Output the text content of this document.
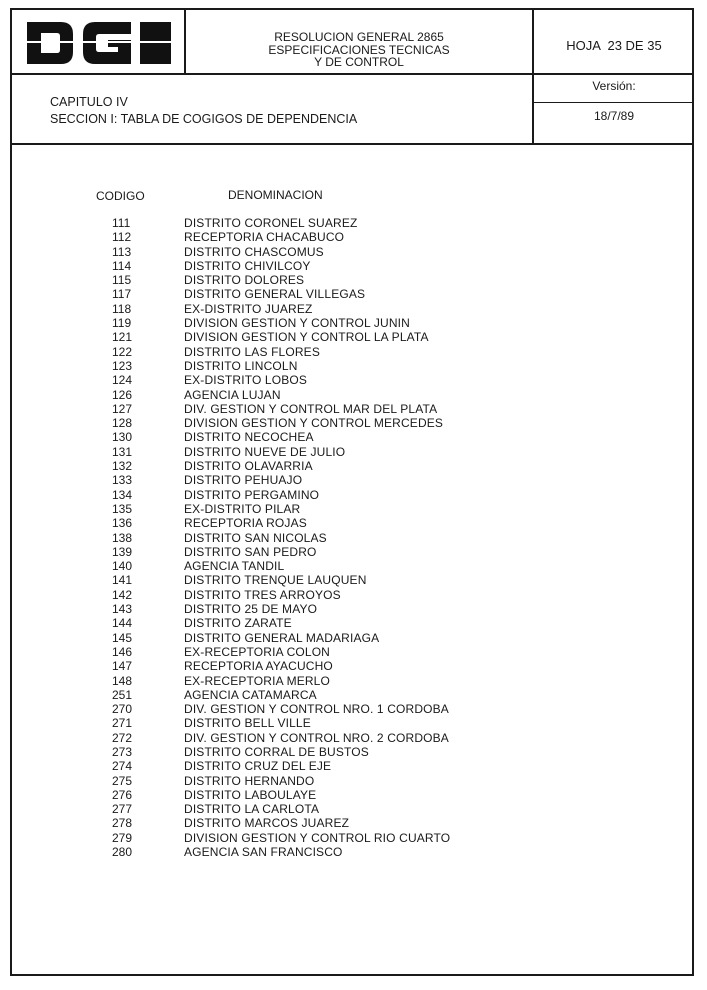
RESOLUCION GENERAL 2865
ESPECIFICACIONES TECNICAS
Y DE CONTROL
HOJA  23 DE 35
Versión:
18/7/89
CAPITULO IV
SECCION I: TABLA DE COGIGOS DE DEPENDENCIA
CODIGO	DENOMINACION
111	DISTRITO CORONEL SUAREZ
112	RECEPTORIA CHACABUCO
113	DISTRITO CHASCOMUS
114	DISTRITO CHIVILCOY
115	DISTRITO DOLORES
117	DISTRITO GENERAL VILLEGAS
118	EX-DISTRITO JUAREZ
119	DIVISION GESTION Y CONTROL JUNIN
121	DIVISION GESTION Y CONTROL LA PLATA
122	DISTRITO LAS FLORES
123	DISTRITO LINCOLN
124	EX-DISTRITO LOBOS
126	AGENCIA LUJAN
127	DIV. GESTION Y CONTROL MAR DEL PLATA
128	DIVISION GESTION Y CONTROL MERCEDES
130	DISTRITO NECOCHEA
131	DISTRITO NUEVE DE JULIO
132	DISTRITO OLAVARRIA
133	DISTRITO PEHUAJO
134	DISTRITO PERGAMINO
135	EX-DISTRITO PILAR
136	RECEPTORIA ROJAS
138	DISTRITO SAN NICOLAS
139	DISTRITO SAN PEDRO
140	AGENCIA TANDIL
141	DISTRITO TRENQUE LAUQUEN
142	DISTRITO TRES ARROYOS
143	DISTRITO 25 DE MAYO
144	DISTRITO ZARATE
145	DISTRITO GENERAL MADARIAGA
146	EX-RECEPTORIA COLON
147	RECEPTORIA AYACUCHO
148	EX-RECEPTORIA MERLO
251	AGENCIA CATAMARCA
270	DIV. GESTION Y CONTROL NRO. 1 CORDOBA
271	DISTRITO BELL VILLE
272	DIV. GESTION Y CONTROL NRO. 2 CORDOBA
273	DISTRITO CORRAL DE BUSTOS
274	DISTRITO CRUZ DEL EJE
275	DISTRITO HERNANDO
276	DISTRITO LABOULAYE
277	DISTRITO LA CARLOTA
278	DISTRITO MARCOS JUAREZ
279	DIVISION GESTION Y CONTROL RIO CUARTO
280	AGENCIA SAN FRANCISCO
